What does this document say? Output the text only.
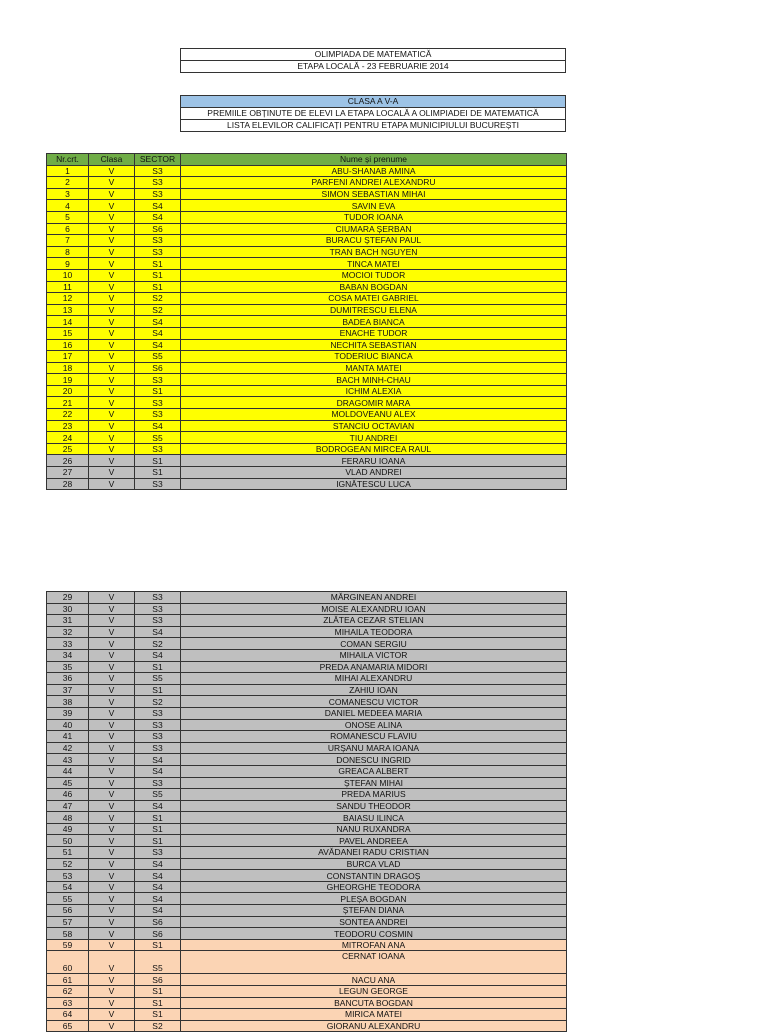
OLIMPIADA DE MATEMATICĂ
ETAPA LOCALĂ - 23 FEBRUARIE 2014
CLASA A V-A
PREMIILE OBȚINUTE DE ELEVI LA ETAPA LOCALĂ A OLIMPIADEI DE MATEMATICĂ
LISTA ELEVILOR CALIFICAȚI PENTRU ETAPA MUNICIPIULUI BUCUREȘTI
Nr.crt.	Clasa	SECTOR	Nume și prenume
1	V	S3	ABU-SHANAB AMINA
2	V	S3	PARFENI ANDREI ALEXANDRU
3	V	S3	SIMON SEBASTIAN MIHAI
4	V	S4	SAVIN EVA
5	V	S4	TUDOR IOANA
6	V	S6	CIUMARA ȘERBAN
7	V	S3	BURACU ȘTEFAN PAUL
8	V	S3	TRAN BACH NGUYEN
9	V	S1	TINCA MATEI
10	V	S1	MOCIOI TUDOR
11	V	S1	BABAN BOGDAN
12	V	S2	COSA MATEI GABRIEL
13	V	S2	DUMITRESCU ELENA
14	V	S4	BADEA BIANCA
15	V	S4	ENACHE TUDOR
16	V	S4	NECHITA SEBASTIAN
17	V	S5	TODERIUC BIANCA
18	V	S6	MANTA MATEI
19	V	S3	BACH MINH-CHAU
20	V	S1	ICHIM ALEXIA
21	V	S3	DRAGOMIR MARA
22	V	S3	MOLDOVEANU ALEX
23	V	S4	STANCIU OCTAVIAN
24	V	S5	TIU ANDREI
25	V	S3	BODROGEAN MIRCEA RAUL
26	V	S1	FERARU IOANA
27	V	S1	VLAD ANDREI
28	V	S3	IGNĂTESCU LUCA
29	V	S3	MĂRGINEAN ANDREI
30	V	S3	MOISE ALEXANDRU IOAN
31	V	S3	ZLĂTEA CEZAR STELIAN
32	V	S4	MIHAILA TEODORA
33	V	S2	COMAN SERGIU
34	V	S4	MIHAILA VICTOR
35	V	S1	PREDA ANAMARIA MIDORI
36	V	S5	MIHAI ALEXANDRU
37	V	S1	ZAHIU IOAN
38	V	S2	COMANESCU VICTOR
39	V	S3	DANIEL MEDEEA MARIA
40	V	S3	ONOSE ALINA
41	V	S3	ROMANESCU FLAVIU
42	V	S3	URȘANU MARA IOANA
43	V	S4	DONESCU INGRID
44	V	S4	GREACA ALBERT
45	V	S3	ȘTEFAN MIHAI
46	V	S5	PREDA MARIUS
47	V	S4	SANDU THEODOR
48	V	S1	BAIASU ILINCA
49	V	S1	NANU RUXANDRA
50	V	S1	PAVEL ANDREEA
51	V	S3	AVĂDANEI RADU CRISTIAN
52	V	S4	BURCA VLAD
53	V	S4	CONSTANTIN DRAGOȘ
54	V	S4	GHEORGHE TEODORA
55	V	S4	PLEȘA BOGDAN
56	V	S4	ȘTEFAN DIANA
57	V	S6	SONTEA ANDREI
58	V	S6	TEODORU COSMIN
59	V	S1	MITROFAN ANA
60	V	S5	CERNAT IOANA
61	V	S6	NACU ANA
62	V	S1	LEGUN GEORGE
63	V	S1	BANCUTA BOGDAN
64	V	S1	MIRICA MATEI
65	V	S2	GIORANU ALEXANDRU
